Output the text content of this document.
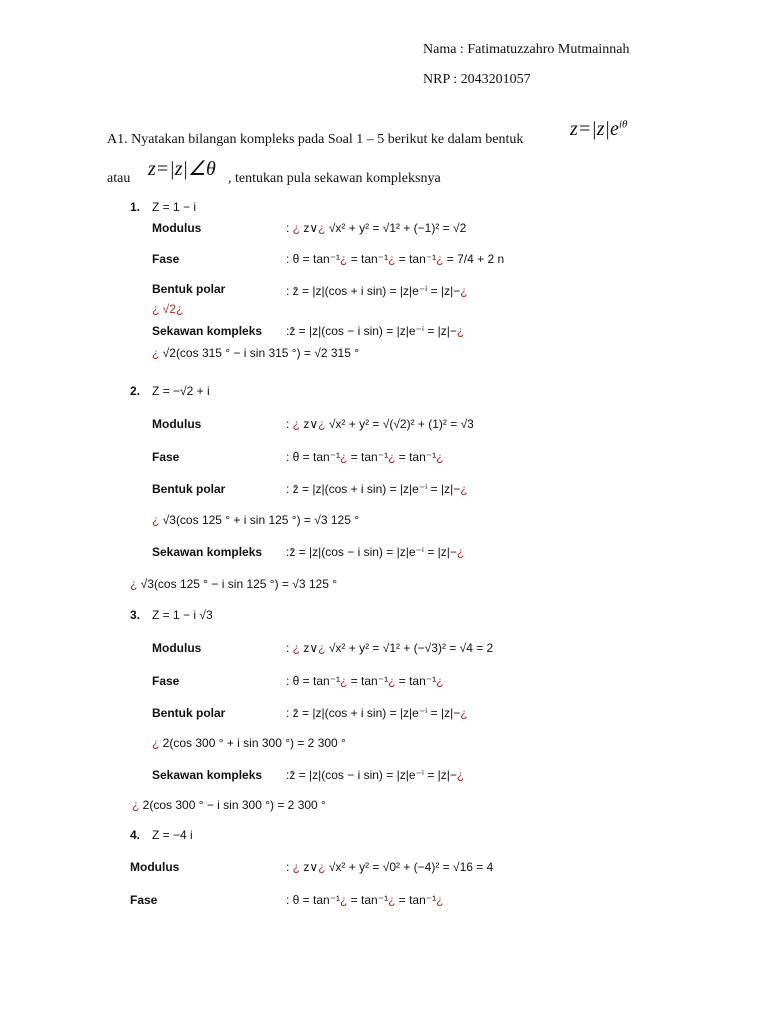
Nama : Fatimatuzzahro Mutmainnah
NRP : 2043201057
A1. Nyatakan bilangan kompleks pada Soal 1 – 5 berikut ke dalam bentuk $z=|z|e^{i\theta}$
atau z=|z|∠θ , tentukan pula sekawan kompleksnya
1. Z = 1 − i
Modulus	: ¿ z∨¿ √x² + y² = √1² + (−1)² = √2
Fase	: θ = tan⁻¹¿ = tan⁻¹¿ = tan⁻¹¿ = 7/4 + 2 n
Bentuk polar	: z̄ = |z|(cos + i sin) = |z|e⁻ⁱ = |z|−¿
¿ √2¿
Sekawan kompleks :z̄ = |z|(cos − i sin) = |z|e⁻ⁱ = |z|−¿
¿ √2(cos 315 ° − i sin 315 °) = √2 315 °
2. Z = −√2 + i
Modulus	: ¿ z∨¿ √x² + y² = √(√2)² + (1)² = √3
Fase	: θ = tan⁻¹¿ = tan⁻¹¿ = tan⁻¹¿
Bentuk polar	: z̄ = |z|(cos + i sin) = |z|e⁻ⁱ = |z|−¿
¿ √3(cos 125 ° + i sin 125 °) = √3 125 °
Sekawan kompleks :z̄ = |z|(cos − i sin) = |z|e⁻ⁱ = |z|−¿
¿ √3(cos 125 ° − i sin 125 °) = √3 125 °
3. Z = 1 − i √3
Modulus	: ¿ z∨¿ √x² + y² = √1² + (−√3)² = √4 = 2
Fase	: θ = tan⁻¹¿ = tan⁻¹¿ = tan⁻¹¿
Bentuk polar	: z̄ = |z|(cos + i sin) = |z|e⁻ⁱ = |z|−¿
¿ 2(cos 300 ° + i sin 300 °) = 2 300 °
Sekawan kompleks :z̄ = |z|(cos − i sin) = |z|e⁻ⁱ = |z|−¿
¿ 2(cos 300 ° − i sin 300 °) = 2 300 °
4. Z = −4 i
Modulus	: ¿ z∨¿ √x² + y² = √0² + (−4)² = √16 = 4
Fase	: θ = tan⁻¹¿ = tan⁻¹¿ = tan⁻¹¿
